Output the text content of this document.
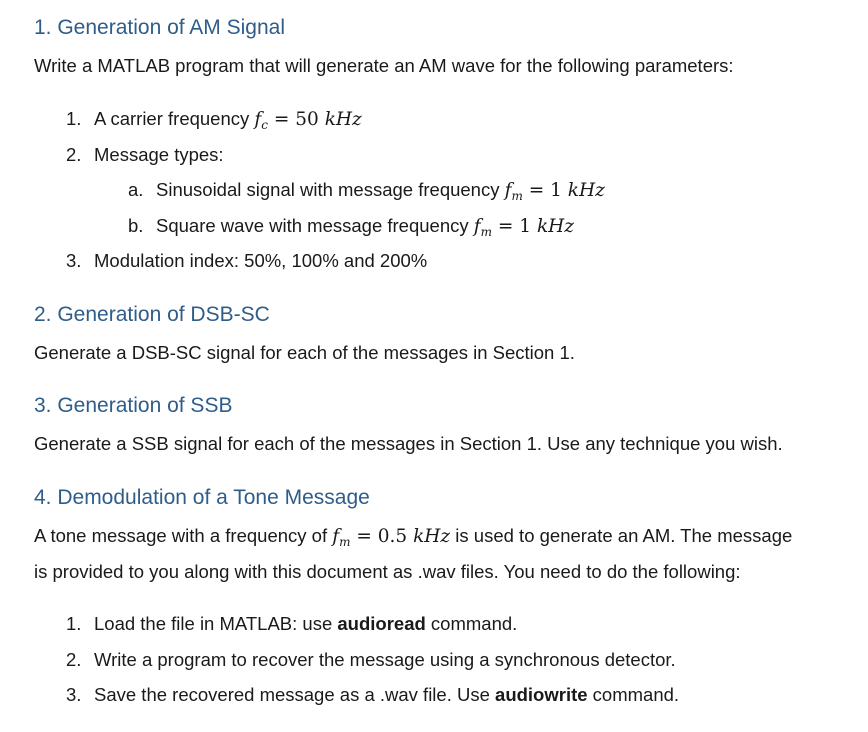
1. Generation of AM Signal
Write a MATLAB program that will generate an AM wave for the following parameters:
1. A carrier frequency $f_c = 50$ kHz
2. Message types:
a. Sinusoidal signal with message frequency $f_m = 1$ kHz
b. Square wave with message frequency $f_m = 1$ kHz
3. Modulation index: 50%, 100% and 200%
2. Generation of DSB-SC
Generate a DSB-SC signal for each of the messages in Section 1.
3. Generation of SSB
Generate a SSB signal for each of the messages in Section 1. Use any technique you wish.
4. Demodulation of a Tone Message
A tone message with a frequency of $f_m = 0.5$ kHz is used to generate an AM. The message
is provided to you along with this document as .wav files. You need to do the following:
1. Load the file in MATLAB: use audioread command.
2. Write a program to recover the message using a synchronous detector.
3. Save the recovered message as a .wav file. Use audiowrite command.
